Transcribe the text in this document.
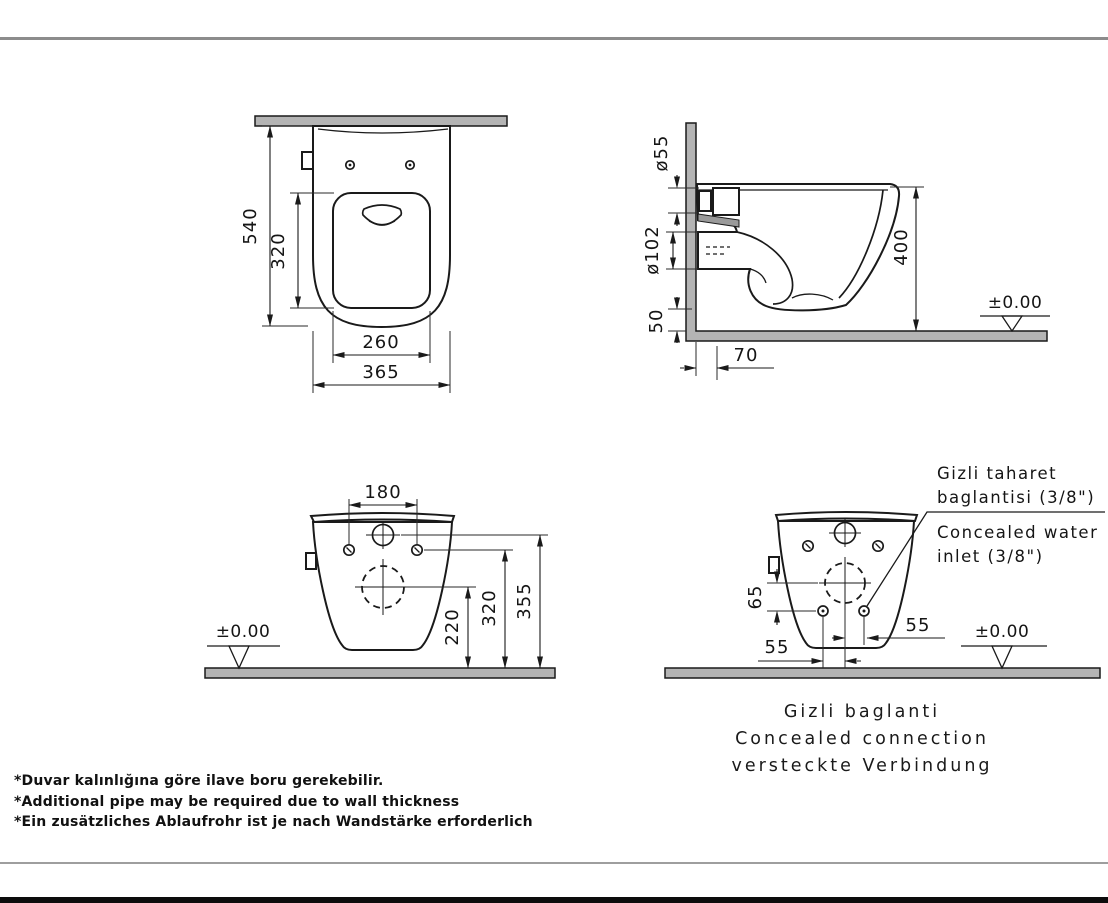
540
320
260
365
ø55
ø102	400
50
70
±0.00
180
220
320 355
±0.00
65
55
55
Gizli taharet
baglantisi (3/8")
Concealed water
inlet (3/8")
±0.00
Gizli baglanti
Concealed connection
versteckte Verbindung
*Duvar kalınlığına göre ilave boru gerekebilir.
*Additional pipe may be required due to wall thickness
*Ein zusätzliches Ablaufrohr ist je nach Wandstärke erforderlich
